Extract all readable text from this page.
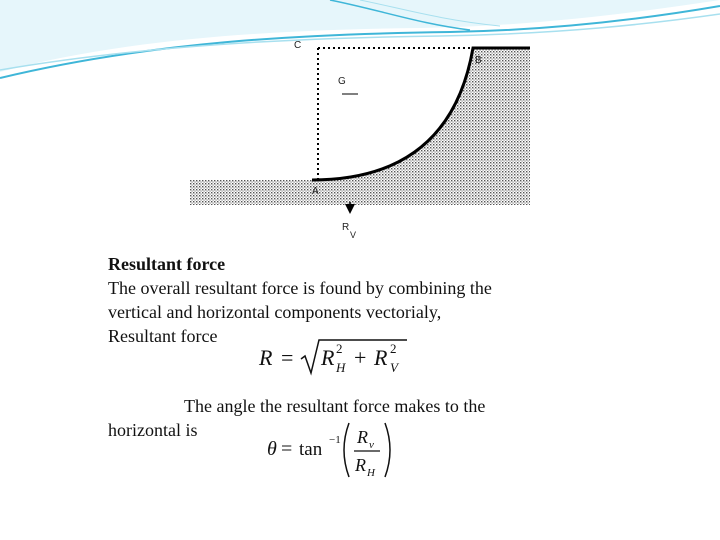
C
B
G
A
R
V
Resultant force
The overall resultant force is found by combining the
vertical and horizontal components vectorialy,
Resultant force
R = R 2
H + R 2
V
The angle the resultant force makes to the
horizontal is
θ = tan −1 R v
R H
